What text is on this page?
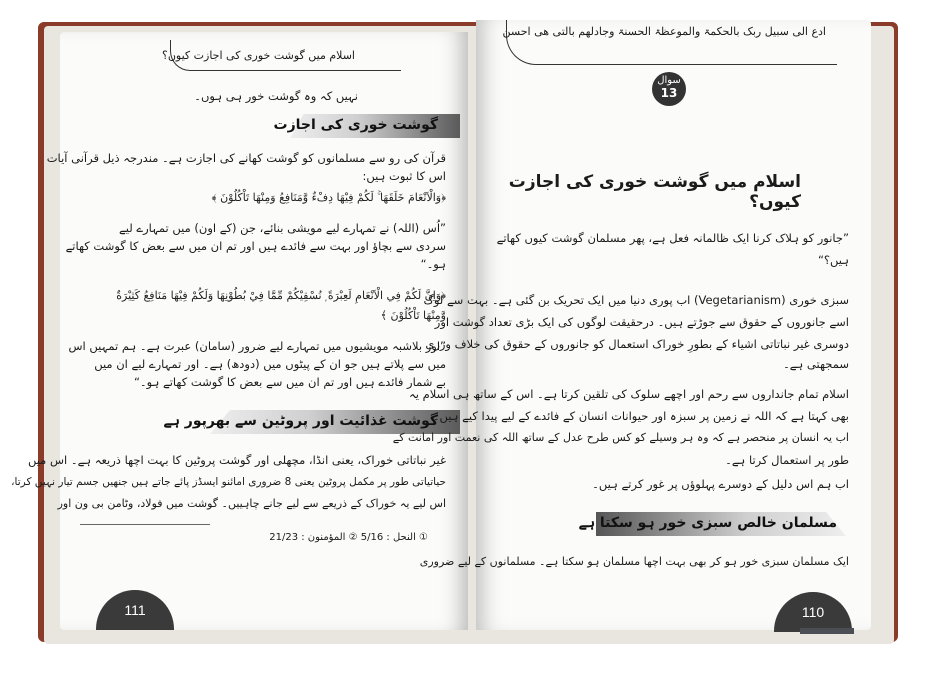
اسلام میں گوشت خوری کی اجازت کیوں؟
نہیں کہ وہ گوشت خور ہی ہوں۔
گوشت خوری کی اجازت
قرآن کی رو سے مسلمانوں کو گوشت کھانے کی اجازت ہے۔ مندرجہ ذیل قرآنی آیات
اس کا ثبوت ہیں:
﴿وَالْاَنْعَامَ خَلَقَهَا ۚ لَكُمْ فِيْهَا دِفْءٌ وَّمَنَافِعُ وَمِنْهَا تَاْكُلُوْنَ ﴾
”اُس (اللہ) نے تمہارے لیے مویشی بنائے، جن (کے اون) میں تمہارے لیے
سردی سے بچاؤ اور بہت سے فائدے ہیں اور تم ان میں سے بعض کا گوشت کھاتے
ہو۔“
﴿وَاِنَّ لَكُمْ فِي الْاَنْعَامِ لَعِبْرَةً ۭ نُسْقِيْكُمْ مِّمَّا فِيْ بُطُوْنِهَا وَلَكُمْ فِيْهَا مَنَافِعُ كَثِيْرَةٌ
وَّمِنْهَا تَاْكُلُوْنَ ﴾
”اور بلاشبہ مویشیوں میں تمہارے لیے ضرور (سامان) عبرت ہے۔ ہم تمہیں اس
میں سے پلاتے ہیں جو ان کے پیٹوں میں (دودھ) ہے۔ اور تمہارے لیے ان میں
بے شمار فائدے ہیں اور تم ان میں سے بعض کا گوشت کھاتے ہو۔“
گوشت غذائیت اور پروٹین سے بھرپور ہے
غیر نباتاتی خوراک، یعنی انڈا، مچھلی اور گوشت پروٹین کا بہت اچھا ذریعہ ہے۔ اس میں
حیاتیاتی طور پر مکمل پروٹین یعنی 8 ضروری امائنو ایسڈز پائے جاتے ہیں جنھیں جسم تیار نہیں کرتا،
اس لیے یہ خوراک کے ذریعے سے لیے جانے چاہییں۔ گوشت میں فولاد، وٹامن بی ون اور
① النحل : 5/16 ② المؤمنون : 21/23
111
ادع الی سبیل ربک بالحکمۃ والموعظۃ الحسنۃ وجادلھم بالتی ھی احسن
سوال
13
اسلام میں گوشت خوری کی اجازت کیوں؟
”جانور کو ہلاک کرنا ایک ظالمانہ فعل ہے، پھر مسلمان گوشت کیوں کھاتے
ہیں؟“
سبزی خوری (Vegetarianism) اب پوری دنیا میں ایک تحریک بن گئی ہے۔ بہت سے لوگ
اسے جانوروں کے حقوق سے جوڑتے ہیں۔ درحقیقت لوگوں کی ایک بڑی تعداد گوشت اور
دوسری غیر نباتاتی اشیاء کے بطورِ خوراک استعمال کو جانوروں کے حقوق کی خلاف ورزی
سمجھتی ہے۔
اسلام تمام جانداروں سے رحم اور اچھے سلوک کی تلقین کرتا ہے۔ اس کے ساتھ ہی اسلام یہ
بھی کہتا ہے کہ اللہ نے زمین پر سبزہ اور حیوانات انسان کے فائدے کے لیے پیدا کیے ہیں۔
اب یہ انسان پر منحصر ہے کہ وہ ہر وسیلے کو کس طرح عدل کے ساتھ اللہ کی نعمت اور امانت کے
طور پر استعمال کرتا ہے۔
اب ہم اس دلیل کے دوسرے پہلوؤں پر غور کرتے ہیں۔
مسلمان خالص سبزی خور ہو سکتا ہے
ایک مسلمان سبزی خور ہو کر بھی بہت اچھا مسلمان ہو سکتا ہے۔ مسلمانوں کے لیے ضروری
110
